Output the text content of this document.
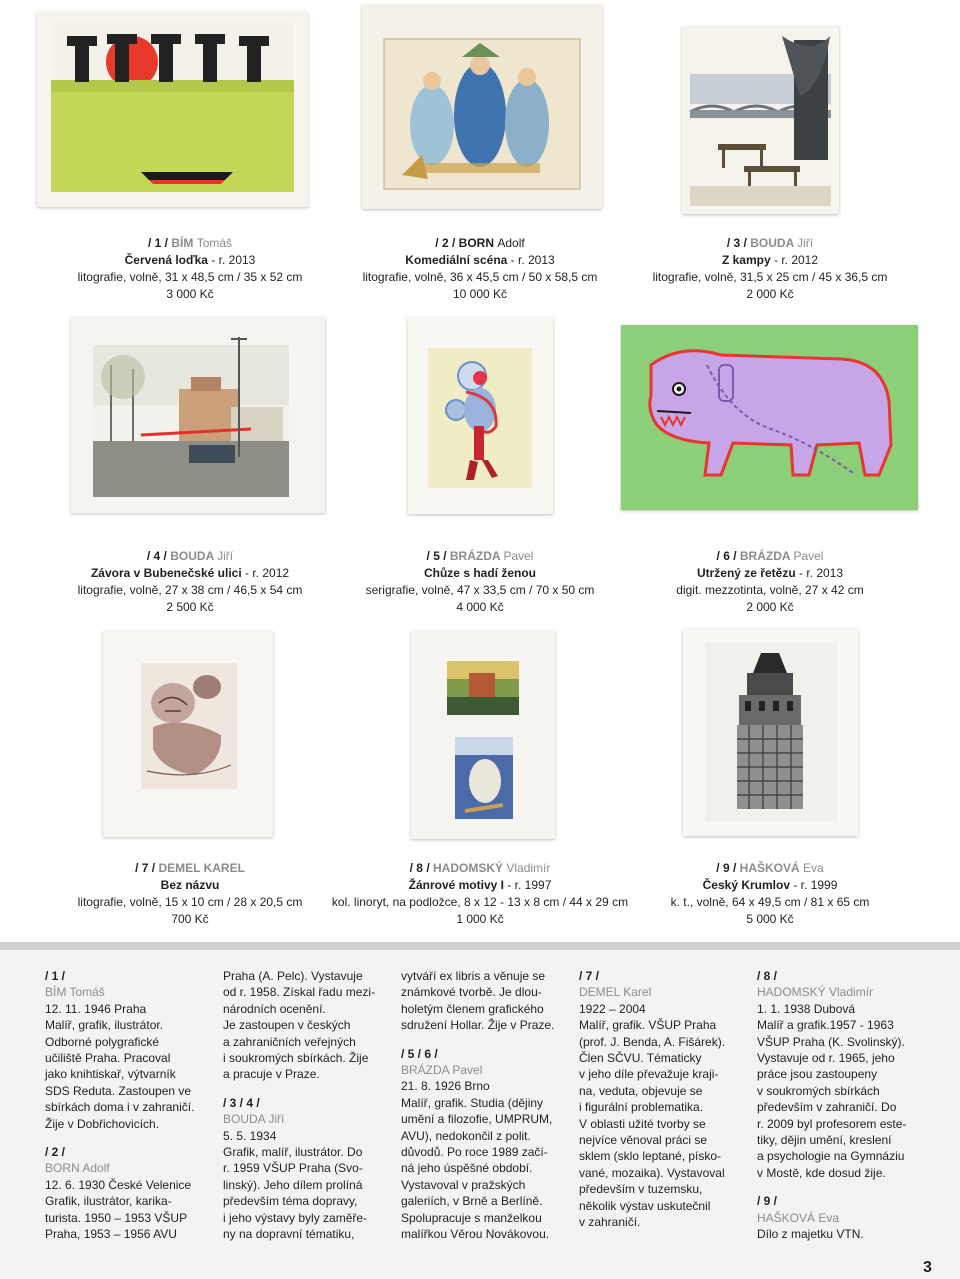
/ 1 / BÍM Tomáš
Červená loďka - r. 2013
litografie, volně, 31 x 48,5 cm / 35 x 52 cm
3 000 Kč
/ 2 / BORN Adolf
Komediální scéna - r. 2013
litografie, volně, 36 x 45,5 cm / 50 x 58,5 cm
10 000 Kč
/ 3 / BOUDA Jiří
Z kampy - r. 2012
litografie, volně, 31,5 x 25 cm / 45 x 36,5 cm
2 000 Kč
/ 4 / BOUDA Jiří
Závora v Bubenečské ulici - r. 2012
litografie, volně, 27 x 38 cm / 46,5 x 54 cm
2 500 Kč
/ 5 / BRÁZDA Pavel
Chůze s hadí ženou
serigrafie, volně, 47 x 33,5 cm / 70 x 50 cm
4 000 Kč
/ 6 / BRÁZDA Pavel
Utržený ze řetězu - r. 2013
digit. mezzotinta, volně, 27 x 42 cm
2 000 Kč
/ 7 / DEMEL KAREL
Bez názvu
litografie, volně, 15 x 10 cm / 28 x 20,5 cm
700 Kč
/ 8 / HADOMSKÝ Vladimír
Žánrové motivy I - r. 1997
kol. linoryt, na podložce, 8 x 12 - 13 x 8 cm / 44 x 29 cm
1 000 Kč
/ 9 / HAŠKOVÁ Eva
Český Krumlov - r. 1999
k. t., volně, 64 x 49,5 cm / 81 x 65 cm
5 000 Kč
/ 1 /
BÍM Tomáš
12. 11. 1946 Praha
Malíř, grafik, ilustrátor.
Odborné polygrafické
učiliště Praha. Pracoval
jako knihtiskař, výtvarník
SDS Reduta. Zastoupen ve
sbírkách doma i v zahraničí.
Žije v Dobřichovicích.
/ 2 /
BORN Adolf
12. 6. 1930 České Velenice
Grafik, ilustrátor, karika-
turista. 1950 – 1953 VŠUP
Praha, 1953 – 1956 AVU
Praha (A. Pelc). Vystavuje
od r. 1958. Získal řadu mezi-
národních ocenění.
Je zastoupen v českých
a zahraničních veřejných
i soukromých sbírkách. Žije
a pracuje v Praze.
/ 3 / 4 /
BOUDA Jiří
5. 5. 1934
Grafik, malíř, ilustrátor. Do
r. 1959 VŠUP Praha (Svo-
linský). Jeho dílem prolíná
především téma dopravy,
i jeho výstavy byly zaměře-
ny na dopravní tématiku,
vytváří ex libris a věnuje se
známkové tvorbě. Je dlou-
holetým členem grafického
sdružení Hollar. Žije v Praze.
/ 5 / 6 /
BRÁZDA Pavel
21. 8. 1926 Brno
Malíř, grafik. Studia (dějiny
umění a filozofie, UMPRUM,
AVU), nedokončil z polit.
důvodů. Po roce 1989 začí-
ná jeho úspěšné období.
Vystavoval v pražských
galeriích, v Brně a Berlíně.
Spolupracuje s manželkou
malířkou Věrou Novákovou.
/ 7 /
DEMEL Karel
1922 – 2004
Malíř, grafik. VŠUP Praha
(prof. J. Benda, A. Fišárek).
Člen SČVU. Tématicky
v jeho díle převažuje kraji-
na, veduta, objevuje se
i figurální problematika.
V oblasti užité tvorby se
nejvíce věnoval práci se
sklem (sklo leptané, písko-
vané, mozaika). Vystavoval
především v tuzemsku,
několik výstav uskutečnil
v zahraničí.
/ 8 /
HADOMSKÝ Vladimír
1. 1. 1938 Dubová
Malíř a grafik.1957 - 1963
VŠUP Praha (K. Svolinský).
Vystavuje od r. 1965, jeho
práce jsou zastoupeny
v soukromých sbírkách
především v zahraničí. Do
r. 2009 byl profesorem este-
tiky, dějin umění, kreslení
a psychologie na Gymnáziu
v Mostě, kde dosud žije.
/ 9 /
HAŠKOVÁ Eva
Dílo z majetku VTN.
3
